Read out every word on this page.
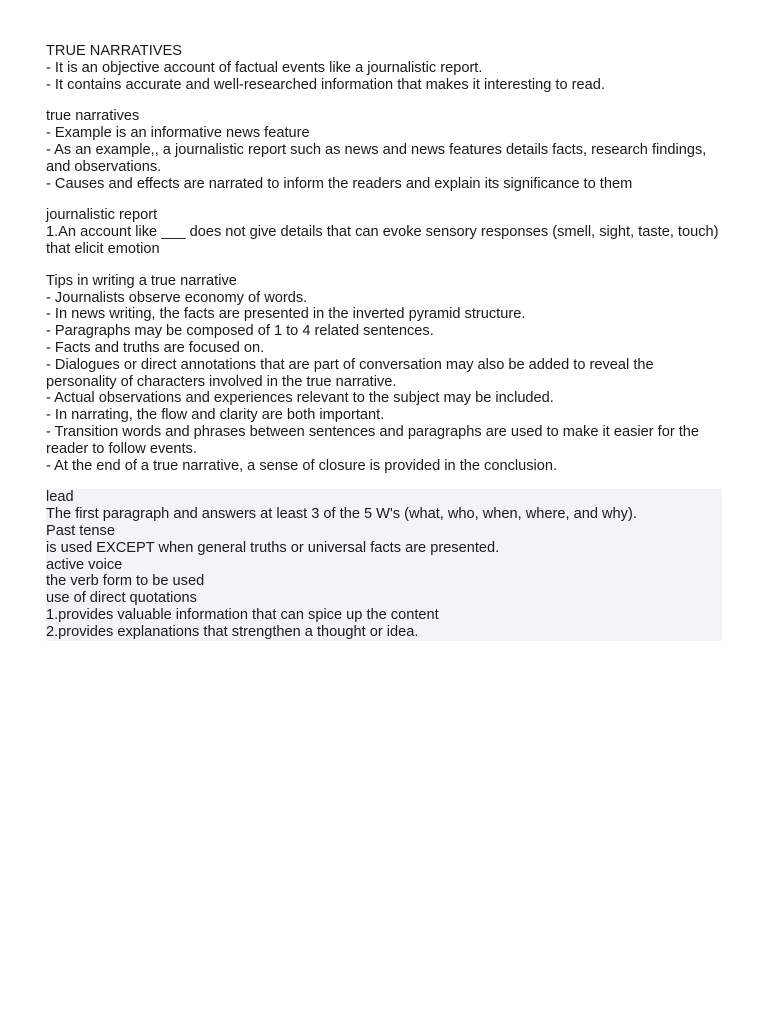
TRUE NARRATIVES
- It is an objective account of factual events like a journalistic report.
- It contains accurate and well-researched information that makes it interesting to read.
true narratives
- Example is an informative news feature
- As an example,, a journalistic report such as news and news features details facts, research findings, and observations.
- Causes and effects are narrated to inform the readers and explain its significance to them
journalistic report
1.An account like ___ does not give details that can evoke sensory responses (smell, sight, taste, touch) that elicit emotion
Tips in writing a true narrative
- Journalists observe economy of words.
- In news writing, the facts are presented in the inverted pyramid structure.
- Paragraphs may be composed of 1 to 4 related sentences.
- Facts and truths are focused on.
- Dialogues or direct annotations that are part of conversation may also be added to reveal the personality of characters involved in the true narrative.
- Actual observations and experiences relevant to the subject may be included.
- In narrating, the flow and clarity are both important.
- Transition words and phrases between sentences and paragraphs are used to make it easier for the reader to follow events.
- At the end of a true narrative, a sense of closure is provided in the conclusion.
lead
The first paragraph and answers at least 3 of the 5 W's (what, who, when, where, and why).
Past tense
is used EXCEPT when general truths or universal facts are presented.
active voice
the verb form to be used
use of direct quotations
1.provides valuable information that can spice up the content
2.provides explanations that strengthen a thought or idea.
